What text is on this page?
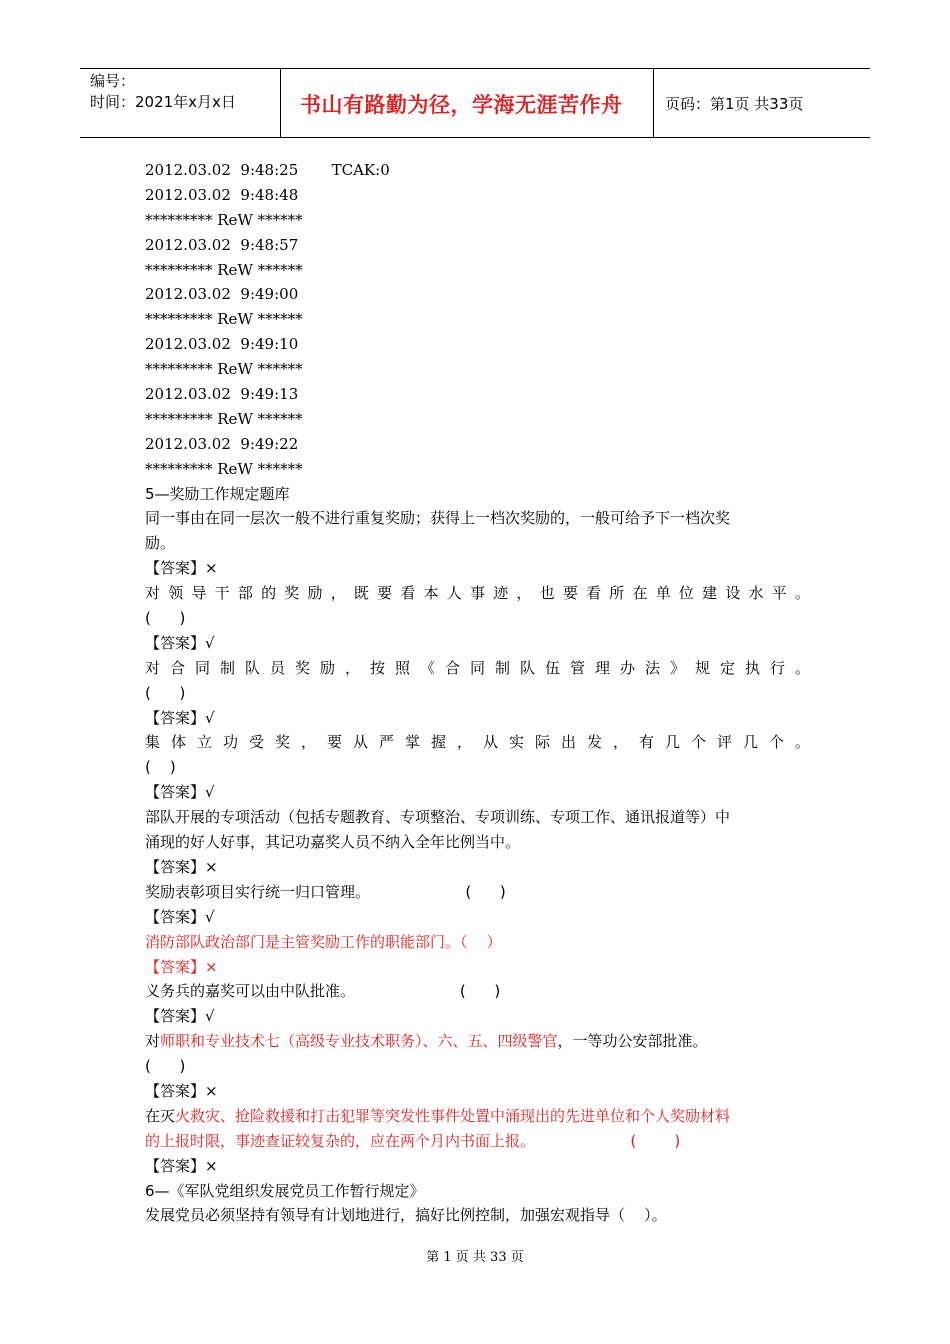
编号：
时间：2021年x月x日	书山有路勤为径，学海无涯苦作舟	页码：第1页 共33页
2012.03.02  9:48:25       TCAK:0
2012.03.02  9:48:48
********* ReW ******
2012.03.02  9:48:57
********* ReW ******
2012.03.02  9:49:00
********* ReW ******
2012.03.02  9:49:10
********* ReW ******
2012.03.02  9:49:13
********* ReW ******
2012.03.02  9:49:22
********* ReW ******
5—奖励工作规定题库
同一事由在同一层次一般不进行重复奖励；获得上一档次奖励的，一般可给予下一档次奖
励。
【答案】×
对领导干部的奖励，既要看本人事迹，也要看所在单位建设水平。
(      )
【答案】√
对合同制队员奖励，按照《合同制队伍管理办法》规定执行。
(      )
【答案】√
集体立功受奖，要从严掌握，从实际出发，有几个评几个。
(    )
【答案】√
部队开展的专项活动（包括专题教育、专项整治、专项训练、专项工作、通讯报道等）中
涌现的好人好事，其记功嘉奖人员不纳入全年比例当中。
【答案】×
奖励表彰项目实行统一归口管理。                    (      )
【答案】√
消防部队政治部门是主管奖励工作的职能部门。（    ）
【答案】×
义务兵的嘉奖可以由中队批准。                      (      )
【答案】√
对师职和专业技术七（高级专业技术职务）、六、五、四级警官，一等功公安部批准。
(      )
【答案】×
在灭火救灾、抢险救援和打击犯罪等突发性事件处置中涌现出的先进单位和个人奖励材料
的上报时限，事迹查证较复杂的，应在两个月内书面上报。                    (        )
【答案】×
6—《军队党组织发展党员工作暂行规定》
发展党员必须坚持有领导有计划地进行，搞好比例控制，加强宏观指导（    ）。
第 1 页 共 33 页
